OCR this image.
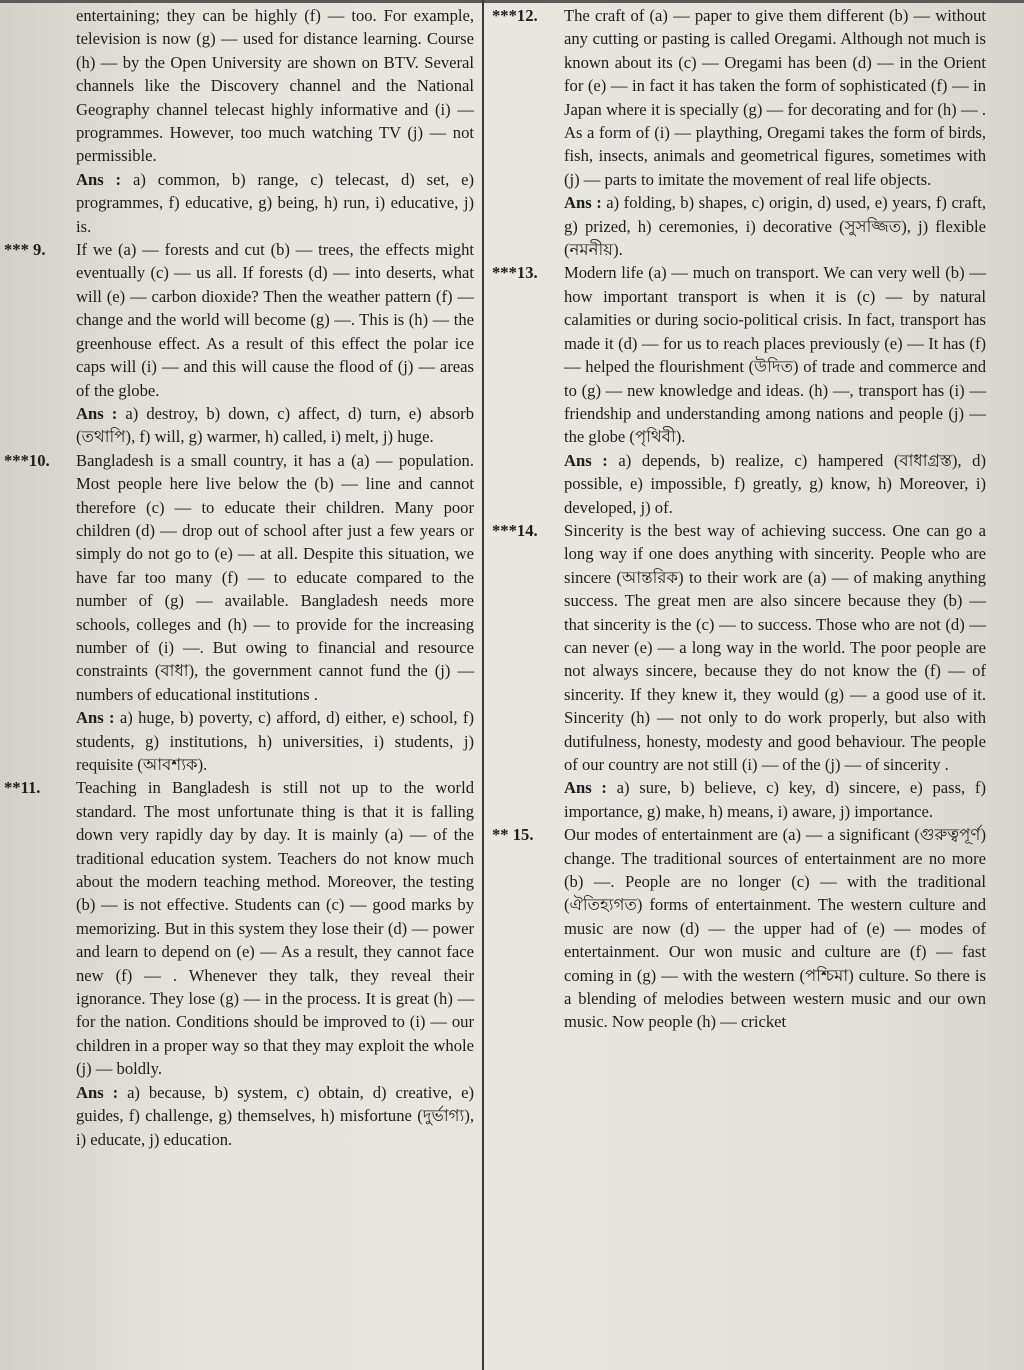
entertaining; they can be highly (f) — too. For example, television is now (g) — used for distance learning. Course (h) — by the Open University are shown on BTV. Several channels like the Discovery channel and the National Geography channel telecast highly informative and (i) — programmes. However, too much watching TV (j) — not permissible.
Ans : a) common, b) range, c) telecast, d) set, e) programmes, f) educative, g) being, h) run, i) educative, j) is.
*** 9.	If we (a) — forests and cut (b) — trees, the effects might eventually (c) — us all. If forests (d) — into deserts, what will (e) — carbon dioxide? Then the weather pattern (f) — change and the world will become (g) —. This is (h) — the greenhouse effect. As a result of this effect the polar ice caps will (i) — and this will cause the flood of (j) — areas of the globe.
Ans : a) destroy, b) down, c) affect, d) turn, e) absorb (তথাপি), f) will, g) warmer, h) called, i) melt, j) huge.
***10.	Bangladesh is a small country, it has a (a) — population. Most people here live below the (b) — line and cannot therefore (c) — to educate their children. Many poor children (d) — drop out of school after just a few years or simply do not go to (e) — at all. Despite this situation, we have far too many (f) — to educate compared to the number of (g) — available. Bangladesh needs more schools, colleges and (h) — to provide for the increasing number of (i) —. But owing to financial and resource constraints (বাধা), the government cannot fund the (j) — numbers of educational institutions .
Ans : a) huge, b) poverty, c) afford, d) either, e) school, f) students, g) institutions, h) universities, i) students, j) requisite (আবশ্যক).
**11.	Teaching in Bangladesh is still not up to the world standard. The most unfortunate thing is that it is falling down very rapidly day by day. It is mainly (a) — of the traditional education system. Teachers do not know much about the modern teaching method. Moreover, the testing (b) — is not effective. Students can (c) — good marks by memorizing. But in this system they lose their (d) — power and learn to depend on (e) — As a result, they cannot face new (f) — . Whenever they talk, they reveal their ignorance. They lose (g) — in the process. It is great (h) — for the nation. Conditions should be improved to (i) — our children in a proper way so that they may exploit the whole (j) — boldly.
Ans : a) because, b) system, c) obtain, d) creative, e) guides, f) challenge, g) themselves, h) misfortune (দুর্ভাগ্য), i) educate, j) education.
***12.	The craft of (a) — paper to give them different (b) — without any cutting or pasting is called Oregami. Although not much is known about its (c) — Oregami has been (d) — in the Orient for (e) — in fact it has taken the form of sophisticated (f) — in Japan where it is specially (g) — for decorating and for (h) — . As a form of (i) — plaything, Oregami takes the form of birds, fish, insects, animals and geometrical figures, sometimes with (j) — parts to imitate the movement of real life objects.
Ans : a) folding, b) shapes, c) origin, d) used, e) years, f) craft, g) prized, h) ceremonies, i) decorative (সুসজ্জিত), j) flexible (নমনীয়).
***13.	Modern life (a) — much on transport. We can very well (b) — how important transport is when it is (c) — by natural calamities or during socio-political crisis. In fact, transport has made it (d) — for us to reach places previously (e) — It has (f) — helped the flourishment (উদিত) of trade and commerce and to (g) — new knowledge and ideas. (h) —, transport has (i) — friendship and understanding among nations and people (j) — the globe (পৃথিবী).
Ans : a) depends, b) realize, c) hampered (বাধাগ্রস্ত), d) possible, e) impossible, f) greatly, g) know, h) Moreover, i) developed, j) of.
***14.	Sincerity is the best way of achieving success. One can go a long way if one does anything with sincerity. People who are sincere (আন্তরিক) to their work are (a) — of making anything success. The great men are also sincere because they (b) — that sincerity is the (c) — to success. Those who are not (d) — can never (e) — a long way in the world. The poor people are not always sincere, because they do not know the (f) — of sincerity. If they knew it, they would (g) — a good use of it. Sincerity (h) — not only to do work properly, but also with dutifulness, honesty, modesty and good behaviour. The people of our country are not still (i) — of the (j) — of sincerity .
Ans : a) sure, b) believe, c) key, d) sincere, e) pass, f) importance, g) make, h) means, i) aware, j) importance.
** 15.	Our modes of entertainment are (a) — a significant (গুরুত্বপূর্ণ) change. The traditional sources of entertainment are no more (b) —. People are no longer (c) — with the traditional (ঐতিহ্যগত) forms of entertainment. The western culture and music are now (d) — the upper had of (e) — modes of entertainment. Our won music and culture are (f) — fast coming in (g) — with the western (পশ্চিমা) culture. So there is a blending of melodies between western music and our own music. Now people (h) — cricket
